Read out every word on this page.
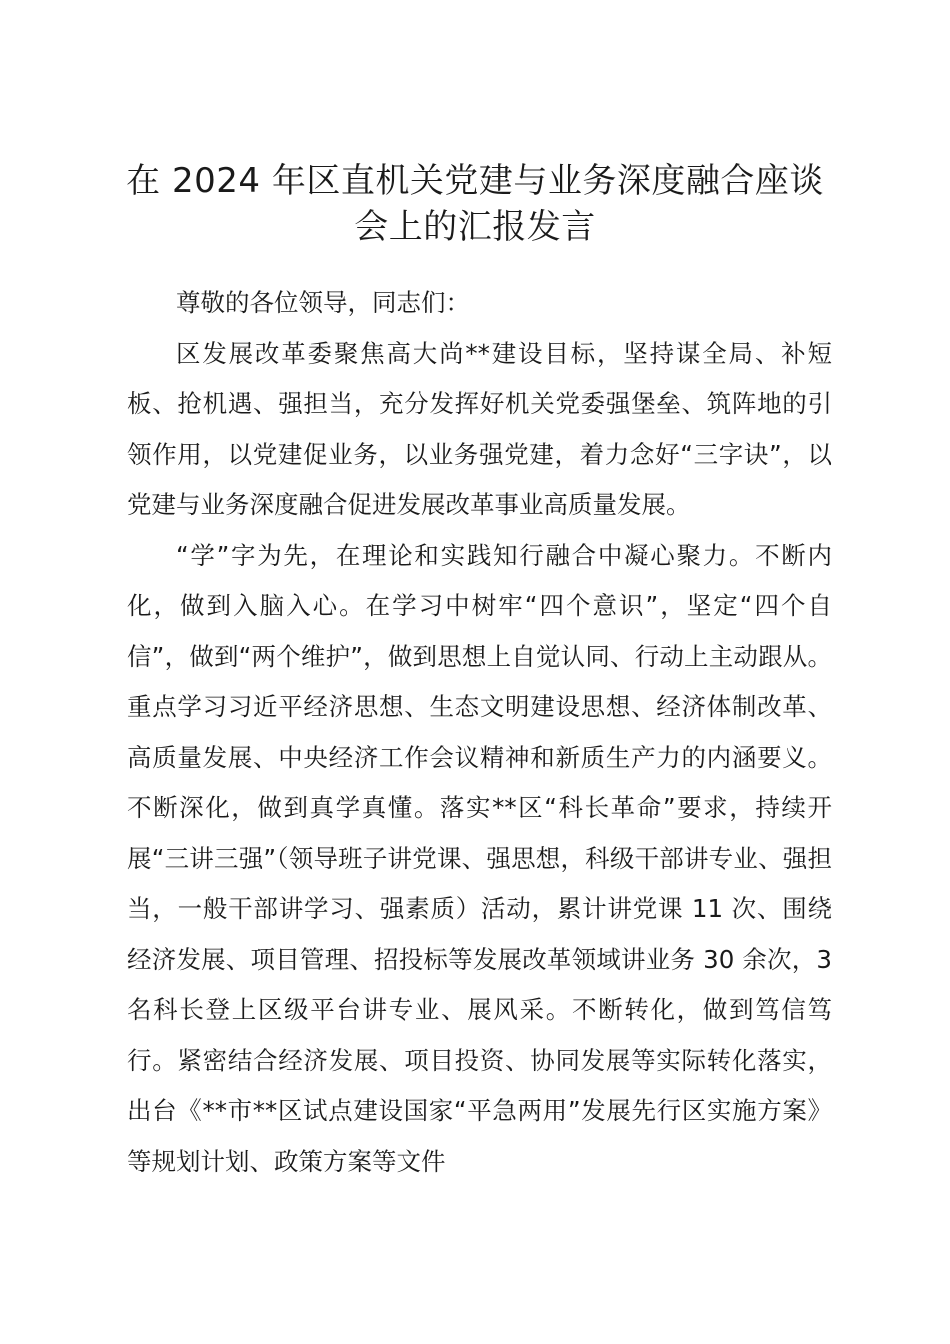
在 2024 年区直机关党建与业务深度融合座谈
会上的汇报发言

尊敬的各位领导，同志们：

区发展改革委聚焦高大尚**建设目标，坚持谋全局、补短板、抢机遇、强担当，充分发挥好机关党委强堡垒、筑阵地的引领作用，以党建促业务，以业务强党建，着力念好“三字诀”，以党建与业务深度融合促进发展改革事业高质量发展。

“学”字为先，在理论和实践知行融合中凝心聚力。不断内化，做到入脑入心。在学习中树牢“四个意识”，坚定“四个自信”，做到“两个维护”，做到思想上自觉认同、行动上主动跟从。重点学习习近平经济思想、生态文明建设思想、经济体制改革、高质量发展、中央经济工作会议精神和新质生产力的内涵要义。不断深化，做到真学真懂。落实**区“科长革命”要求，持续开展“三讲三强”（领导班子讲党课、强思想，科级干部讲专业、强担当，一般干部讲学习、强素质）活动，累计讲党课 11 次、围绕经济发展、项目管理、招投标等发展改革领域讲业务 30 余次，3 名科长登上区级平台讲专业、展风采。不断转化，做到笃信笃行。紧密结合经济发展、项目投资、协同发展等实际转化落实，出台《**市**区试点建设国家“平急两用”发展先行区实施方案》等规划计划、政策方案等文件
